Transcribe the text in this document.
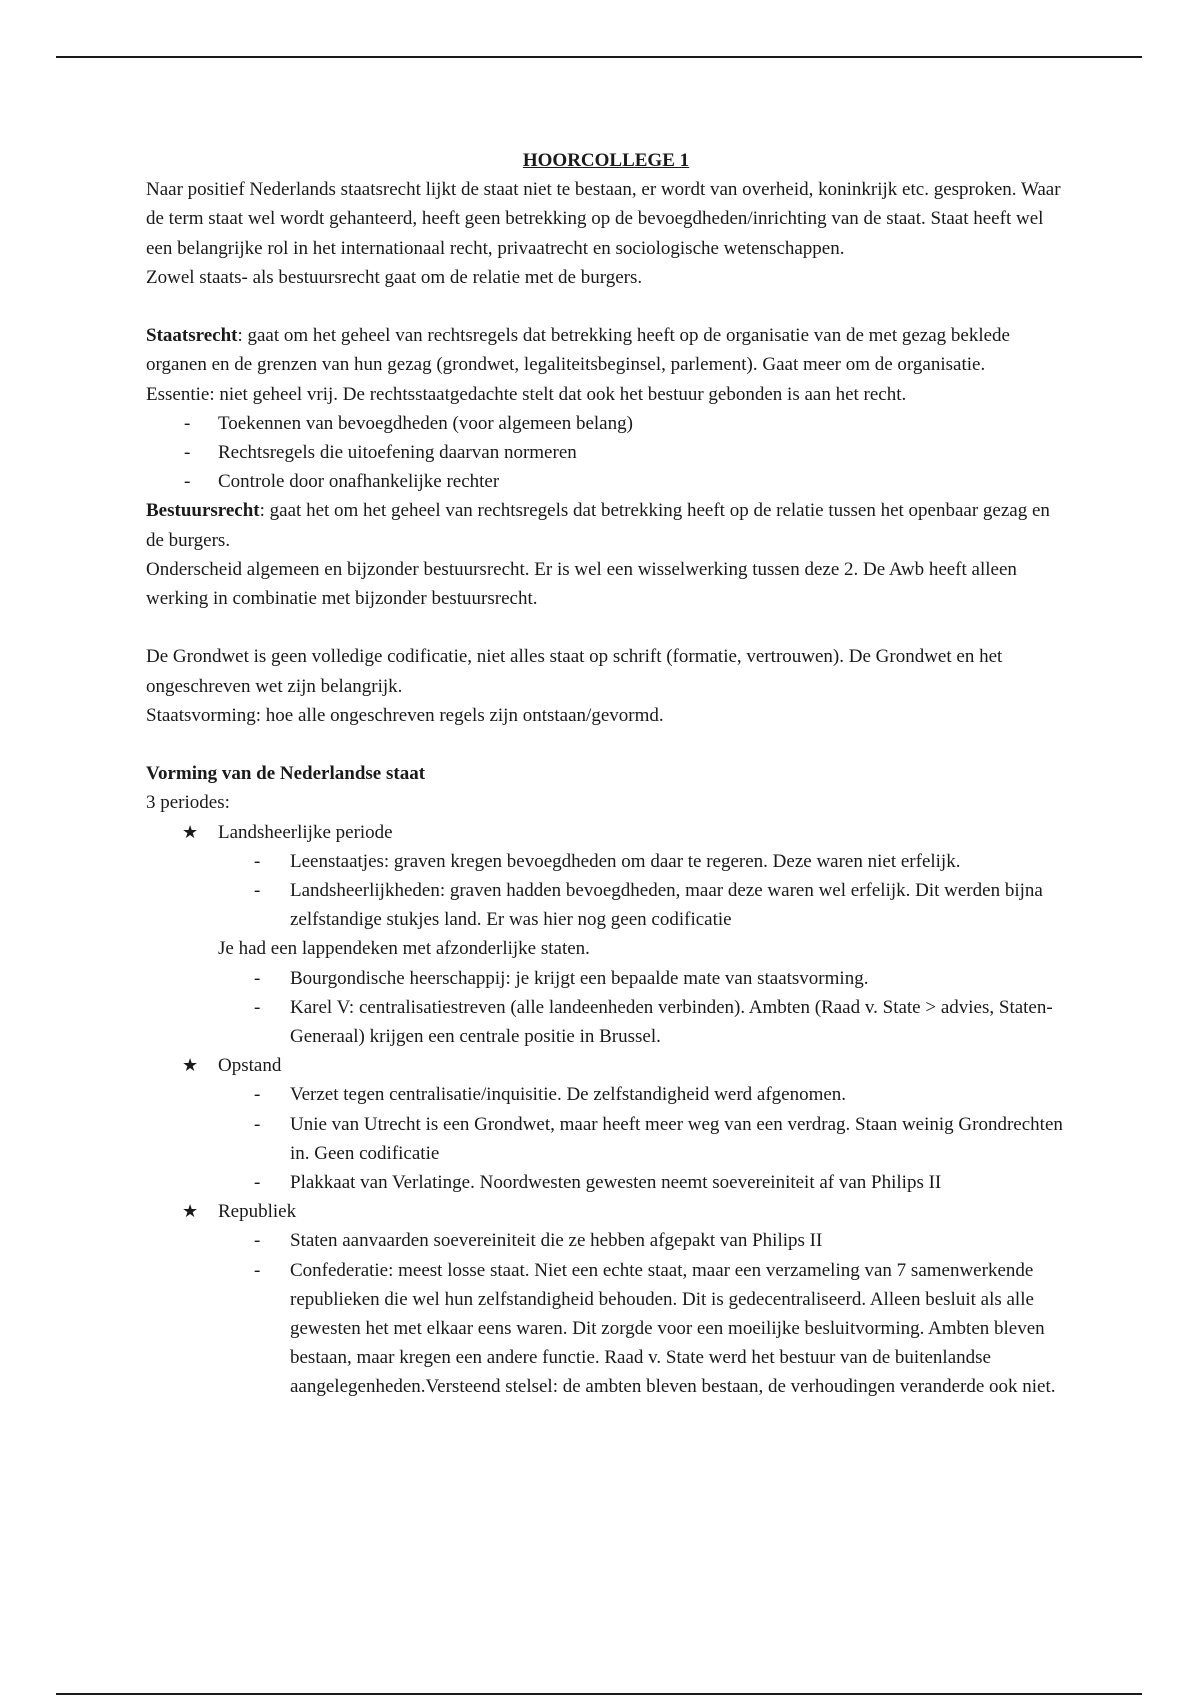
HOORCOLLEGE 1

Naar positief Nederlands staatsrecht lijkt de staat niet te bestaan, er wordt van overheid, koninkrijk etc. gesproken. Waar de term staat wel wordt gehanteerd, heeft geen betrekking op de bevoegdheden/inrichting van de staat. Staat heeft wel een belangrijke rol in het internationaal recht, privaatrecht en sociologische wetenschappen.

Zowel staats- als bestuursrecht gaat om de relatie met de burgers.

Staatsrecht: gaat om het geheel van rechtsregels dat betrekking heeft op de organisatie van de met gezag beklede organen en de grenzen van hun gezag (grondwet, legaliteitsbeginsel, parlement). Gaat meer om de organisatie.

Essentie: niet geheel vrij. De rechtsstaatgedachte stelt dat ook het bestuur gebonden is aan het recht.

- Toekennen van bevoegdheden (voor algemeen belang)
- Rechtsregels die uitoefening daarvan normeren
- Controle door onafhankelijke rechter

Bestuursrecht: gaat het om het geheel van rechtsregels dat betrekking heeft op de relatie tussen het openbaar gezag en de burgers.

Onderscheid algemeen en bijzonder bestuursrecht. Er is wel een wisselwerking tussen deze 2. De Awb heeft alleen werking in combinatie met bijzonder bestuursrecht.

De Grondwet is geen volledige codificatie, niet alles staat op schrift (formatie, vertrouwen). De Grondwet en het ongeschreven wet zijn belangrijk.

Staatsvorming: hoe alle ongeschreven regels zijn ontstaan/gevormd.

Vorming van de Nederlandse staat

3 periodes:

★ Landsheerlijke periode
- Leenstaatjes: graven kregen bevoegdheden om daar te regeren. Deze waren niet erfelijk.
- Landsheerlijkheden: graven hadden bevoegdheden, maar deze waren wel erfelijk. Dit werden bijna zelfstandige stukjes land. Er was hier nog geen codificatie

Je had een lappendeken met afzonderlijke staten.

- Bourgondische heerschappij: je krijgt een bepaalde mate van staatsvorming.
- Karel V: centralisatiestreven (alle landeenheden verbinden). Ambten (Raad v. State > advies, Staten-Generaal) krijgen een centrale positie in Brussel.
★ Opstand
- Verzet tegen centralisatie/inquisitie. De zelfstandigheid werd afgenomen.
- Unie van Utrecht is een Grondwet, maar heeft meer weg van een verdrag. Staan weinig Grondrechten in. Geen codificatie
- Plakkaat van Verlatinge. Noordwesten gewesten neemt soevereiniteit af van Philips II
★ Republiek
- Staten aanvaarden soevereiniteit die ze hebben afgepakt van Philips II
- Confederatie: meest losse staat. Niet een echte staat, maar een verzameling van 7 samenwerkende republieken die wel hun zelfstandigheid behouden. Dit is gedecentraliseerd. Alleen besluit als alle gewesten het met elkaar eens waren. Dit zorgde voor een moeilijke besluitvorming. Ambten bleven bestaan, maar kregen een andere functie. Raad v. State werd het bestuur van de buitenlandse aangelegenheden.Versteend stelsel: de ambten bleven bestaan, de verhoudingen veranderde ook niet.
